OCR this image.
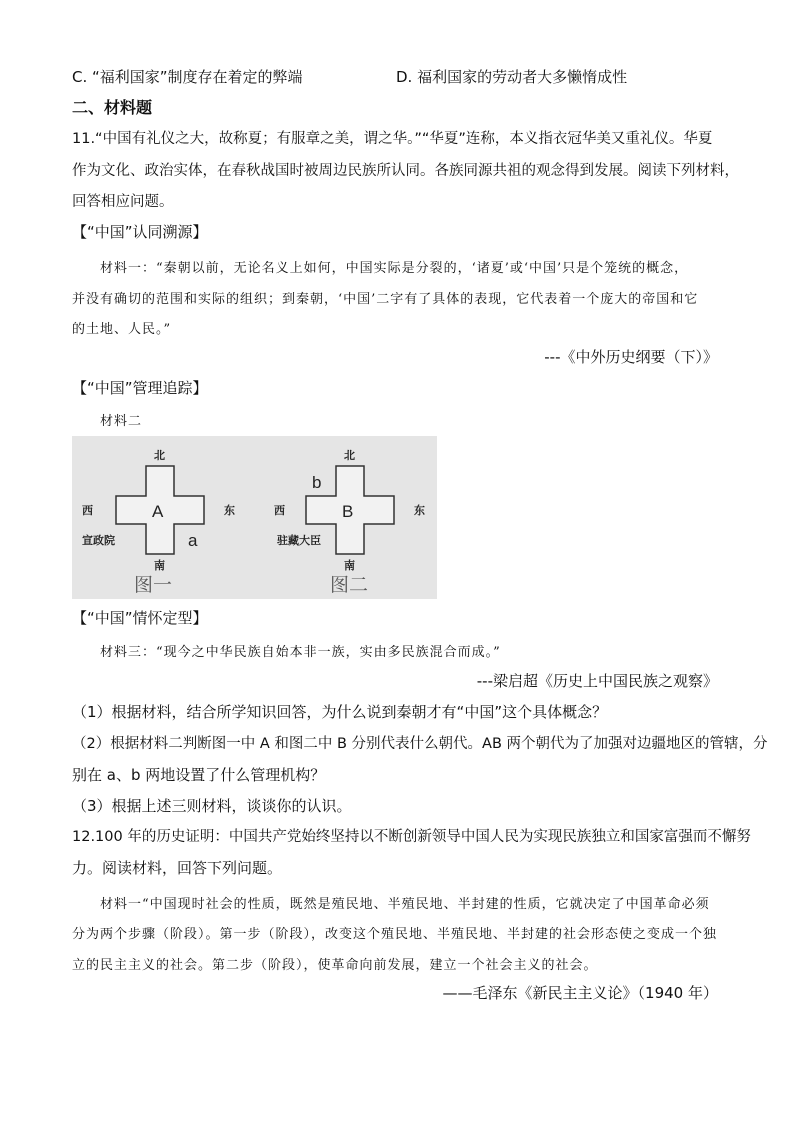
C. “福利国家”制度存在着定的弊端	D. 福利国家的劳动者大多懒惰成性
二、材料题
11.“中国有礼仪之大，故称夏；有服章之美，谓之华。”“华夏”连称，本义指衣冠华美又重礼仪。华夏
作为文化、政治实体，在春秋战国时被周边民族所认同。各族同源共祖的观念得到发展。阅读下列材料，
回答相应问题。
【“中国”认同溯源】
材料一：“秦朝以前，无论名义上如何，中国实际是分裂的，‘诸夏’或‘中国’只是个笼统的概念，
并没有确切的范围和实际的组织；到秦朝，‘中国’二字有了具体的表现，它代表着一个庞大的帝国和它
的土地、人民。”
---《中外历史纲要（下）》
【“中国”管理追踪】
材料二
北
南
西	东
A
a
宣政院
图一
北
南
西	东
B
b
驻藏大臣
图二
【“中国”情怀定型】
材料三：“现今之中华民族自始本非一族，实由多民族混合而成。”
---梁启超《历史上中国民族之观察》
（1）根据材料，结合所学知识回答，为什么说到秦朝才有“中国”这个具体概念？
（2）根据材料二判断图一中 A 和图二中 B 分别代表什么朝代。AB 两个朝代为了加强对边疆地区的管辖，分
别在 a、b 两地设置了什么管理机构？
（3）根据上述三则材料，谈谈你的认识。
12.100 年的历史证明：中国共产党始终坚持以不断创新领导中国人民为实现民族独立和国家富强而不懈努
力。阅读材料，回答下列问题。
材料一“中国现时社会的性质，既然是殖民地、半殖民地、半封建的性质，它就决定了中国革命必须
分为两个步骤（阶段）。第一步（阶段），改变这个殖民地、半殖民地、半封建的社会形态使之变成一个独
立的民主主义的社会。第二步（阶段），使革命向前发展，建立一个社会主义的社会。
——毛泽东《新民主主义论》（1940 年）
